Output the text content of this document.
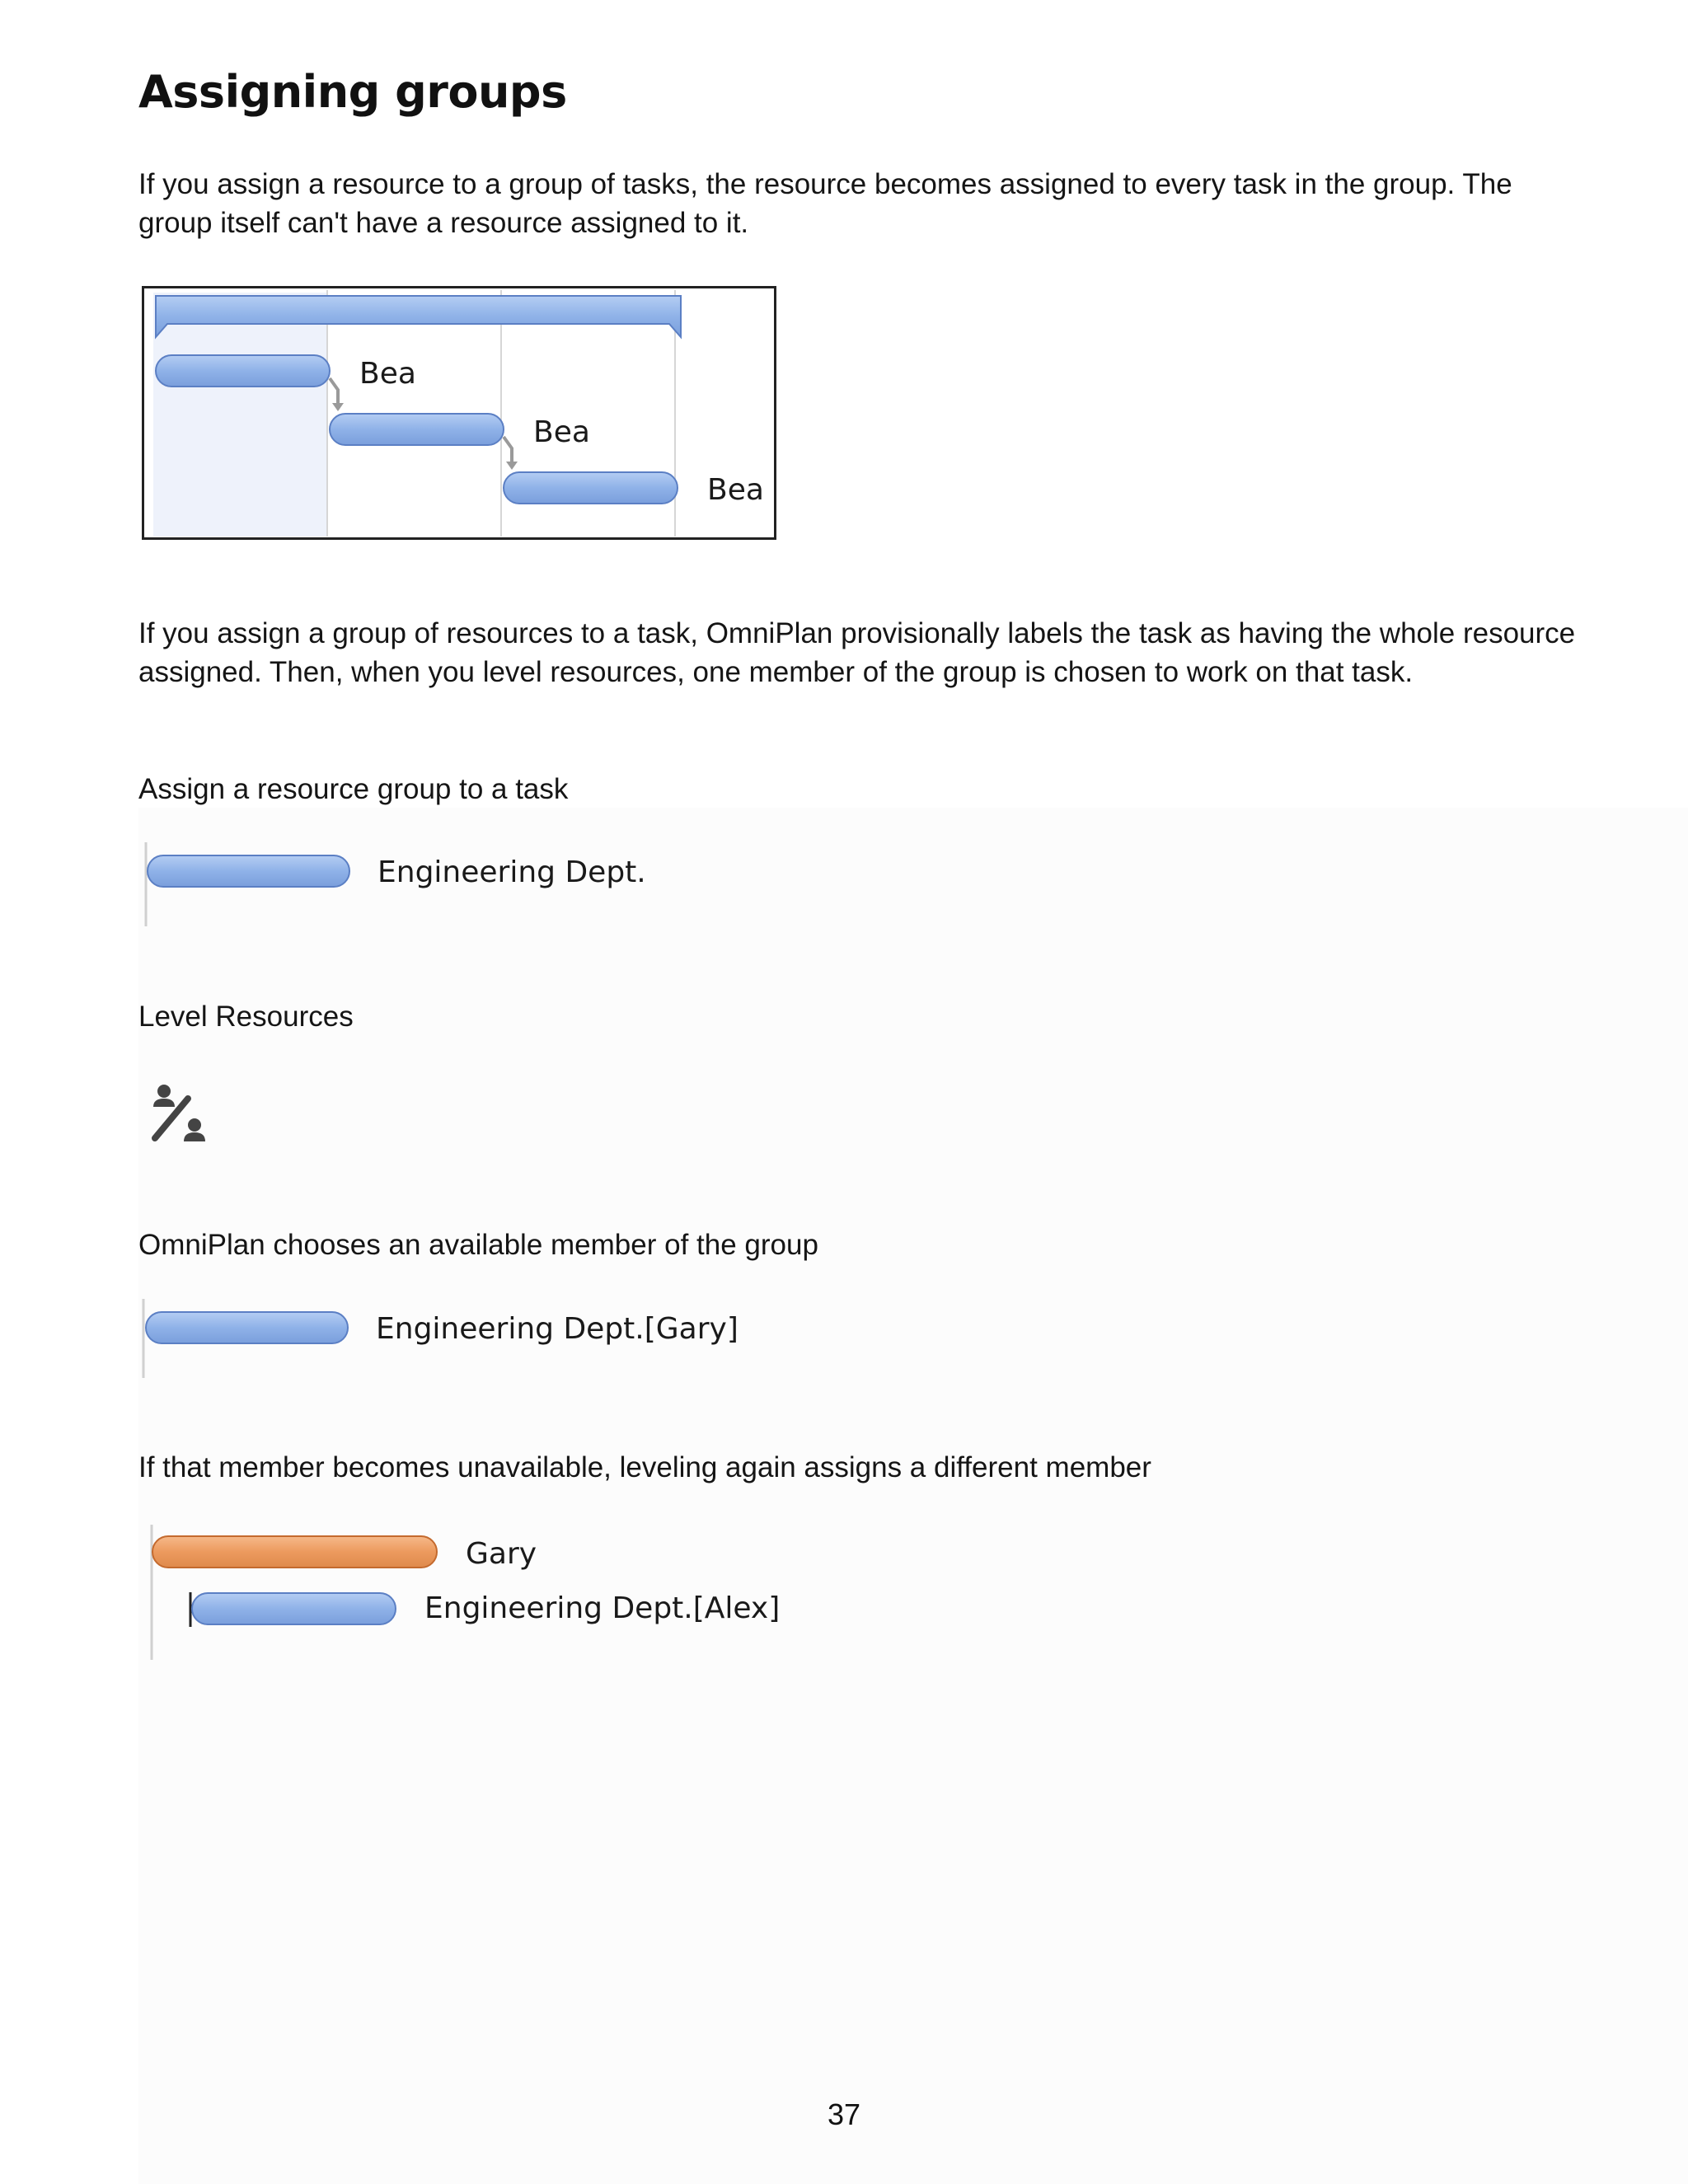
Assigning groups

If you assign a resource to a group of tasks, the resource becomes assigned to every task in the group. The group itself can't have a resource assigned to it.

Bea
Bea
Bea

If you assign a group of resources to a task, OmniPlan provisionally labels the task as having the whole resource assigned. Then, when you level resources, one member of the group is chosen to work on that task.

Assign a resource group to a task

Engineering Dept.

Level Resources

OmniPlan chooses an available member of the group

Engineering Dept.[Gary]

If that member becomes unavailable, leveling again assigns a different member

Gary
Engineering Dept.[Alex]
37
